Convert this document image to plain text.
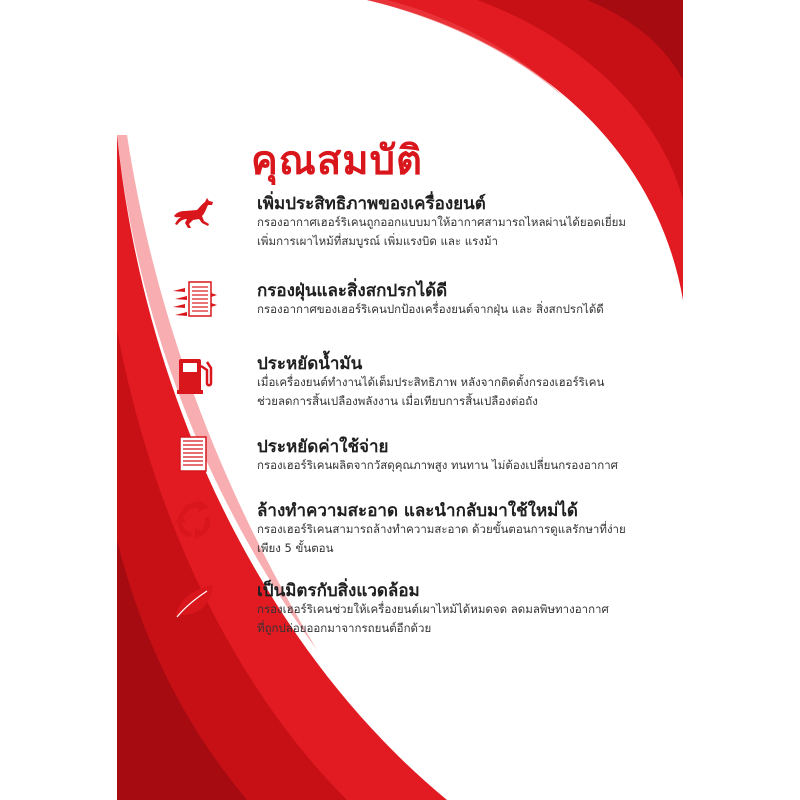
คุณสมบัติ
เพิ่มประสิทธิภาพของเครื่องยนต์
กรองอากาศเฮอร์ริเคนถูกออกแบบมาให้อากาศสามารถไหลผ่านได้ยอดเยี่ยม
เพิ่มการเผาไหม้ที่สมบูรณ์ เพิ่มแรงบิด และ แรงม้า
กรองฝุ่นและสิ่งสกปรกได้ดี
กรองอากาศของเฮอร์ริเคนปกป้องเครื่องยนต์จากฝุ่น และ สิ่งสกปรกได้ดี
ประหยัดน้ำมัน
เมื่อเครื่องยนต์ทำงานได้เต็มประสิทธิภาพ หลังจากติดตั้งกรองเฮอร์ริเคน
ช่วยลดการสิ้นเปลืองพลังงาน เมื่อเทียบการสิ้นเปลืองต่อถัง
ประหยัดค่าใช้จ่าย
กรองเฮอร์ริเคนผลิตจากวัสดุคุณภาพสูง ทนทาน ไม่ต้องเปลี่ยนกรองอากาศ
ล้างทำความสะอาด และนำกลับมาใช้ใหม่ได้
กรองเฮอร์ริเคนสามารถล้างทำความสะอาด ด้วยขั้นตอนการดูแลรักษาที่ง่าย
เพียง 5 ขั้นตอน
เป็นมิตรกับสิ่งแวดล้อม
กรองเฮอร์ริเคนช่วยให้เครื่องยนต์เผาไหม้ได้หมดจด ลดมลพิษทางอากาศ
ที่ถูกปล่อยออกมาจากรถยนต์อีกด้วย
